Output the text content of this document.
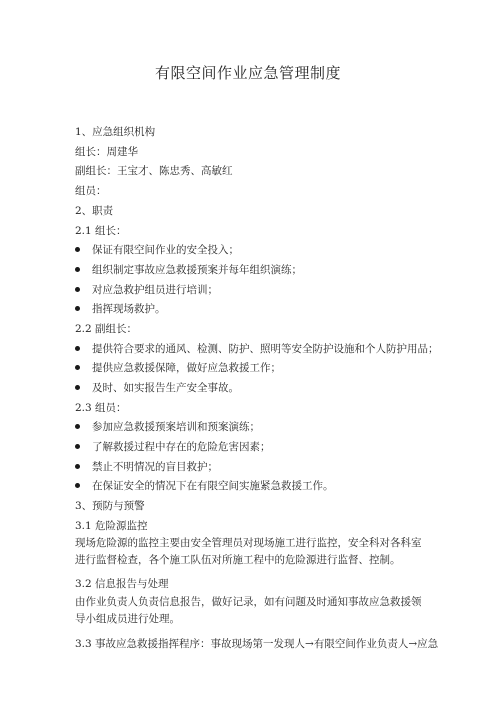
有限空间作业应急管理制度
1、应急组织机构
组长：周建华
副组长：王宝才、陈忠秀、高敏红
组员：
2、职责
2.1 组长：
保证有限空间作业的安全投入；
组织制定事故应急救援预案并每年组织演练；
对应急救护组员进行培训；
指挥现场救护。
2.2 副组长：
提供符合要求的通风、检测、防护、照明等安全防护设施和个人防护用品；
提供应急救援保障，做好应急救援工作；
及时、如实报告生产安全事故。
2.3 组员：
参加应急救援预案培训和预案演练；
了解救援过程中存在的危险危害因素；
禁止不明情况的盲目救护；
在保证安全的情况下在有限空间实施紧急救援工作。
3、预防与预警
3.1 危险源监控
现场危险源的监控主要由安全管理员对现场施工进行监控，安全科对各科室进行监督检查，各个施工队伍对所施工程中的危险源进行监督、控制。
3.2 信息报告与处理
由作业负责人负责信息报告，做好记录，如有问题及时通知事故应急救援领导小组成员进行处理。
3.3 事故应急救援指挥程序：事故现场第一发现人→有限空间作业负责人→应急
